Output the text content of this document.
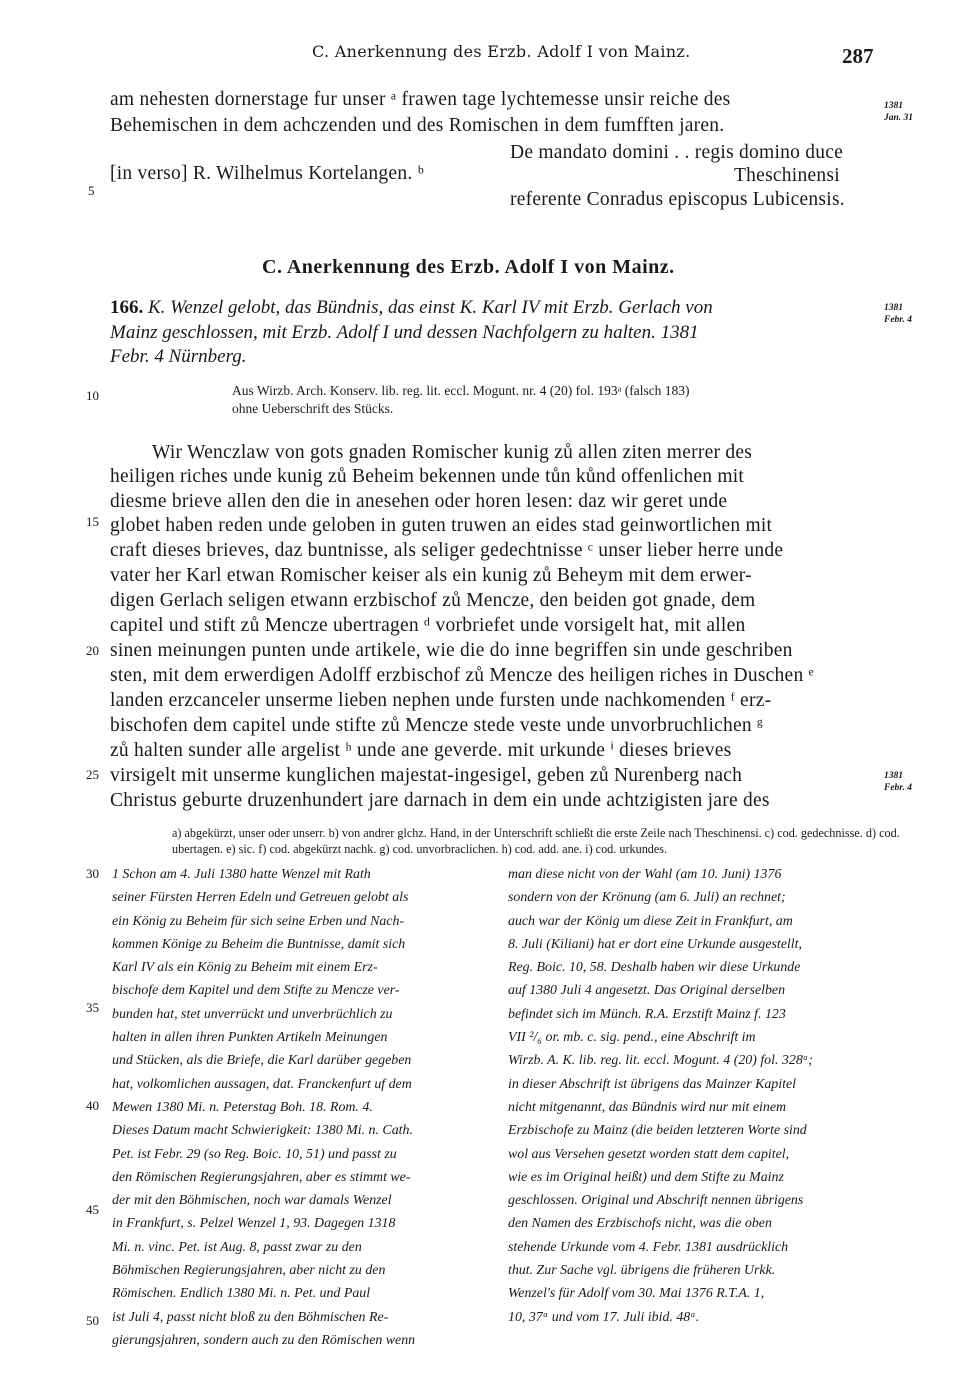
C. Anerkennung des Erzb. Adolf I von Mainz.	287
5
10
15
20
25
30
35
40
45
50
1381
Jan. 31
1381
Febr. 4
1381
Febr. 4
am nehesten dornerstage fur unser ᵃ frawen tage lychtemesse unsir reiche des
Behemischen in dem achczenden und des Romischen in dem fumfften jaren.
De mandato domini . . regis domino duce
[in verso] R. Wilhelmus Kortelangen. ᵇ	Theschinensi
referente Conradus episcopus Lubicensis.
C. Anerkennung des Erzb. Adolf I von Mainz.
166. K. Wenzel gelobt, das Bündnis, das einst K. Karl IV mit Erzb. Gerlach von
Mainz geschlossen, mit Erzb. Adolf I und dessen Nachfolgern zu halten. 1381
Febr. 4 Nürnberg.
Aus Wirzb. Arch. Konserv. lib. reg. lit. eccl. Mogunt. nr. 4 (20) fol. 193ᵃ (falsch 183)
ohne Ueberschrift des Stücks.
Wir Wenczlaw von gots gnaden Romischer kunig zů allen ziten merrer des
heiligen riches unde kunig zů Beheim bekennen unde tůn kůnd offenlichen mit
diesme brieve allen den die in anesehen oder horen lesen: daz wir geret unde
globet haben reden unde geloben in guten truwen an eides stad geinwortlichen mit
craft dieses brieves, daz buntnisse, als seliger gedechtnisse ᶜ unser lieber herre unde
vater her Karl etwan Romischer keiser als ein kunig zů Beheym mit dem erwer-
digen Gerlach seligen etwann erzbischof zů Mencze, den beiden got gnade, dem
capitel und stift zů Mencze ubertragen ᵈ vorbriefet unde vorsigelt hat, mit allen
sinen meinungen punten unde artikele, wie die do inne begriffen sin unde geschriben
sten, mit dem erwerdigen Adolff erzbischof zů Mencze des heiligen riches in Duschen ᵉ
landen erzcanceler unserme lieben nephen unde fursten unde nachkomenden ᶠ erz-
bischofen dem capitel unde stifte zů Mencze stede veste unde unvorbruchlichen ᵍ
zů halten sunder alle argelist ʰ unde ane geverde. mit urkunde ⁱ dieses brieves
virsigelt mit unserme kunglichen majestat-ingesigel, geben zů Nurenberg nach
Christus geburte druzenhundert jare darnach in dem ein unde achtzigisten jare des
a) abgekürzt, unser oder unserr. b) von andrer glchz. Hand, in der Unterschrift schließt die erste Zeile nach Theschinensi. c) cod. gedechnisse. d) cod. ubertagen. e) sic. f) cod. abgekürzt nachk. g) cod. unvorbraclichen. h) cod. add. ane. i) cod. urkundes.
1 Schon am 4. Juli 1380 hatte Wenzel mit Rath
seiner Fürsten Herren Edeln und Getreuen gelobt als
ein König zu Beheim für sich seine Erben und Nach-
kommen Könige zu Beheim die Buntnisse, damit sich
Karl IV als ein König zu Beheim mit einem Erz-
bischofe dem Kapitel und dem Stifte zu Mencze ver-
bunden hat, stet unverrückt und unverbrüchlich zu
halten in allen ihren Punkten Artikeln Meinungen
und Stücken, als die Briefe, die Karl darüber gegeben
hat, volkomlichen aussagen, dat. Franckenfurt uf dem
Mewen 1380 Mi. n. Peterstag Boh. 18. Rom. 4.
Dieses Datum macht Schwierigkeit: 1380 Mi. n. Cath.
Pet. ist Febr. 29 (so Reg. Boic. 10, 51) und passt zu
den Römischen Regierungsjahren, aber es stimmt we-
der mit den Böhmischen, noch war damals Wenzel
in Frankfurt, s. Pelzel Wenzel 1, 93. Dagegen 1318
Mi. n. vinc. Pet. ist Aug. 8, passt zwar zu den
Böhmischen Regierungsjahren, aber nicht zu den
Römischen. Endlich 1380 Mi. n. Pet. und Paul
ist Juli 4, passt nicht bloß zu den Böhmischen Re-
gierungsjahren, sondern auch zu den Römischen wenn
man diese nicht von der Wahl (am 10. Juni) 1376
sondern von der Krönung (am 6. Juli) an rechnet;
auch war der König um diese Zeit in Frankfurt, am
8. Juli (Kiliani) hat er dort eine Urkunde ausgestellt,
Reg. Boic. 10, 58. Deshalb haben wir diese Urkunde
auf 1380 Juli 4 angesetzt. Das Original derselben
befindet sich im Münch. R.A. Erzstift Mainz f. 123
VII ²/₆ or. mb. c. sig. pend., eine Abschrift im
Wirzb. A. K. lib. reg. lit. eccl. Mogunt. 4 (20) fol. 328ᵃ;
in dieser Abschrift ist übrigens das Mainzer Kapitel
nicht mitgenannt, das Bündnis wird nur mit einem
Erzbischofe zu Mainz (die beiden letzteren Worte sind
wol aus Versehen gesetzt worden statt dem capitel,
wie es im Original heißt) und dem Stifte zu Mainz
geschlossen. Original und Abschrift nennen übrigens
den Namen des Erzbischofs nicht, was die oben
stehende Urkunde vom 4. Febr. 1381 ausdrücklich
thut. Zur Sache vgl. übrigens die früheren Urkk.
Wenzel's für Adolf vom 30. Mai 1376 R.T.A. 1,
10, 37ᵃ und vom 17. Juli ibid. 48ᵃ.
